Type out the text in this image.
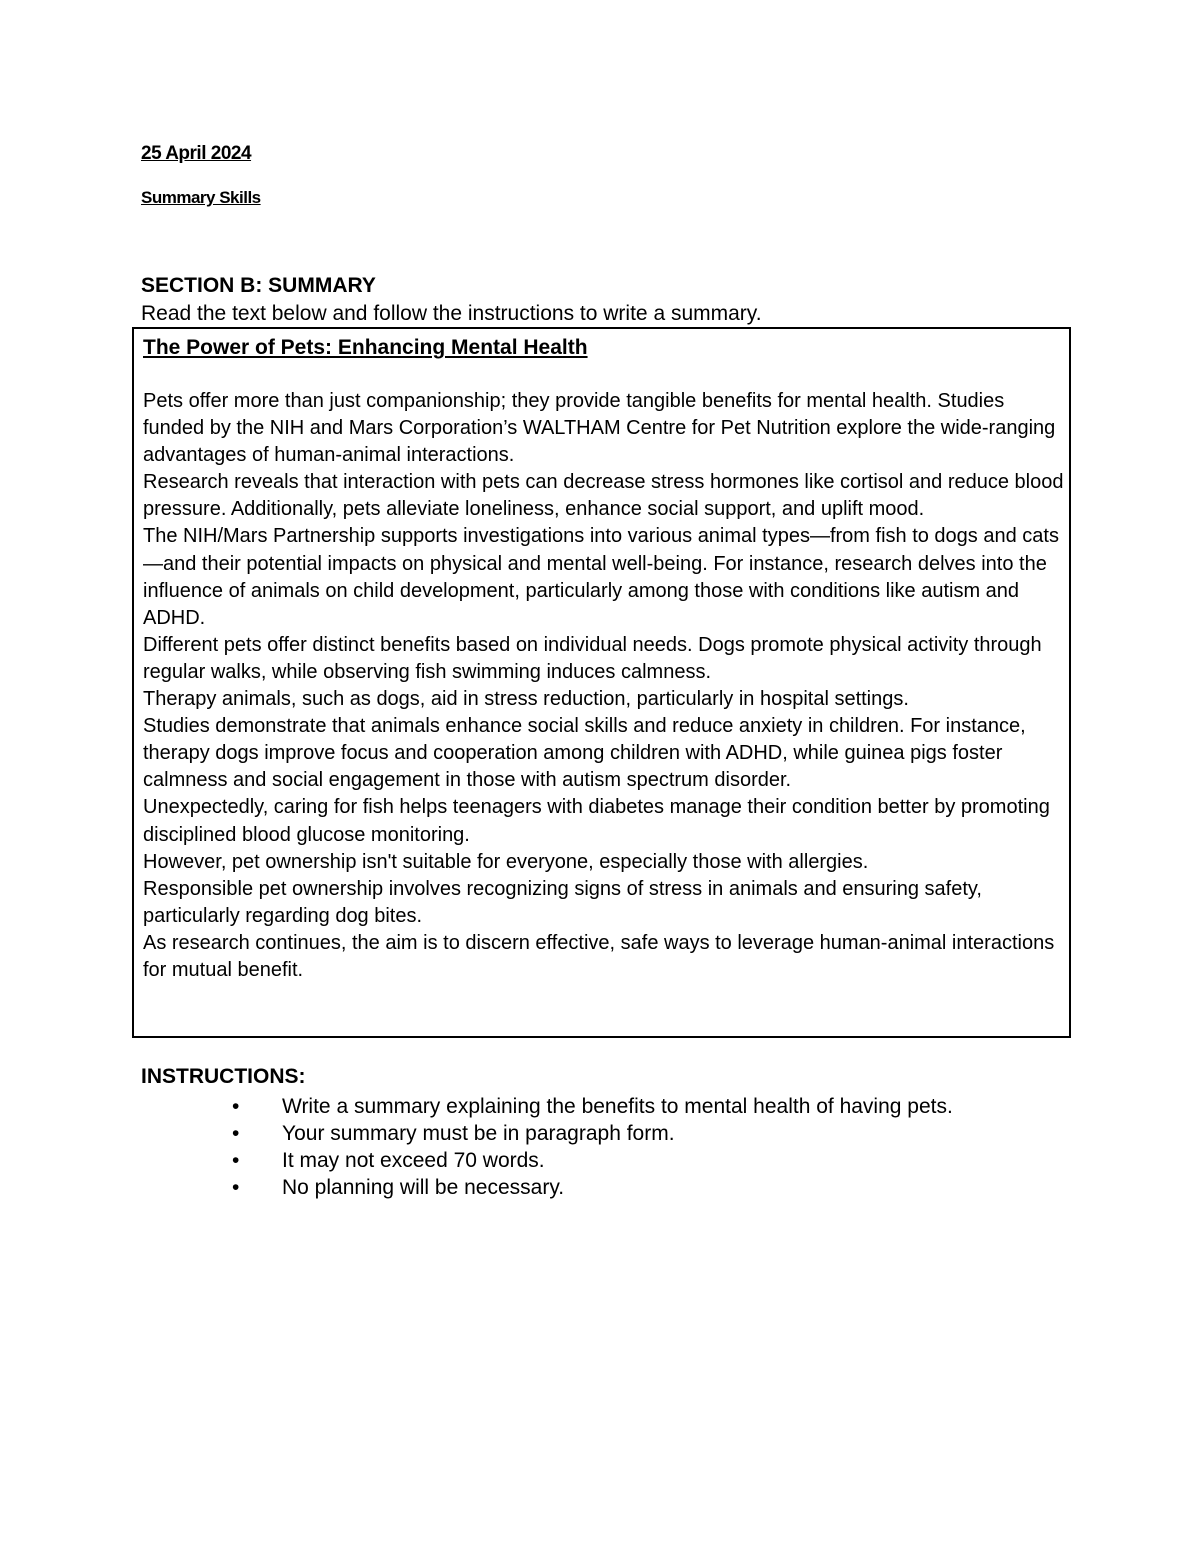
25 April 2024
Summary Skills
SECTION B: SUMMARY
Read the text below and follow the instructions to write a summary.
The Power of Pets: Enhancing Mental Health

Pets offer more than just companionship; they provide tangible benefits for mental health. Studies funded by the NIH and Mars Corporation’s WALTHAM Centre for Pet Nutrition explore the wide-ranging advantages of human-animal interactions.

Research reveals that interaction with pets can decrease stress hormones like cortisol and reduce blood pressure. Additionally, pets alleviate loneliness, enhance social support, and uplift mood.

The NIH/Mars Partnership supports investigations into various animal types—from fish to dogs and cats—and their potential impacts on physical and mental well-being. For instance, research delves into the influence of animals on child development, particularly among those with conditions like autism and ADHD.

Different pets offer distinct benefits based on individual needs. Dogs promote physical activity through regular walks, while observing fish swimming induces calmness.

Therapy animals, such as dogs, aid in stress reduction, particularly in hospital settings.

Studies demonstrate that animals enhance social skills and reduce anxiety in children. For instance, therapy dogs improve focus and cooperation among children with ADHD, while guinea pigs foster calmness and social engagement in those with autism spectrum disorder.

Unexpectedly, caring for fish helps teenagers with diabetes manage their condition better by promoting disciplined blood glucose monitoring.

However, pet ownership isn't suitable for everyone, especially those with allergies.

Responsible pet ownership involves recognizing signs of stress in animals and ensuring safety, particularly regarding dog bites.

As research continues, the aim is to discern effective, safe ways to leverage human-animal interactions for mutual benefit.

INSTRUCTIONS:
• Write a summary explaining the benefits to mental health of having pets.
• Your summary must be in paragraph form.
• It may not exceed 70 words.
• No planning will be necessary.
